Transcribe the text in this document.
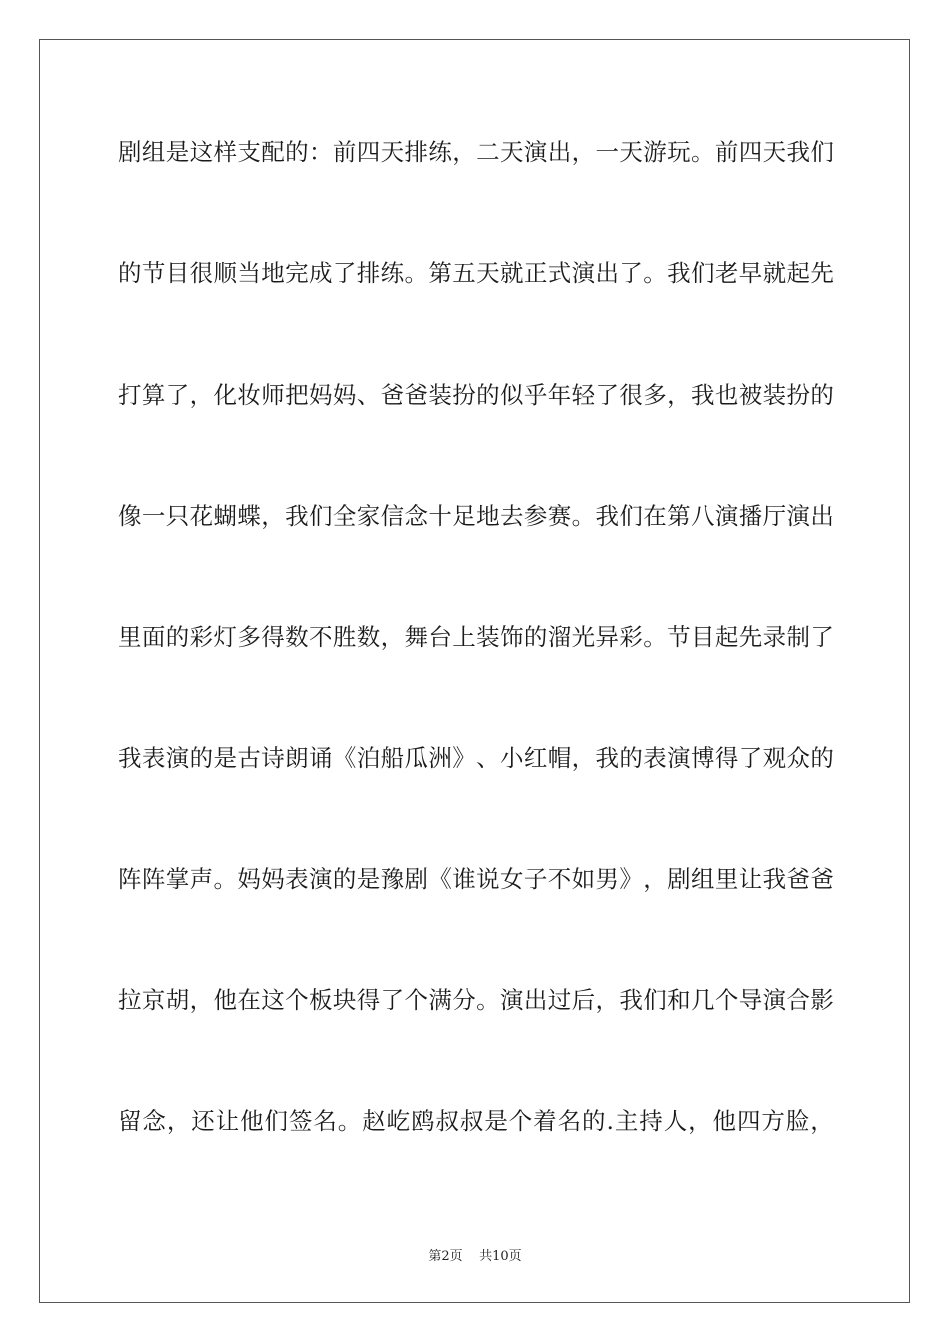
剧 组 是 这 样 支 配 的 ： 前 四 天 排 练 ， 二 天 演 出 ， 一 天 游 玩 。 前 四 天 我 们
的 节 目 很 顺 当 地 完 成 了 排 练 。 第 五 天 就 正 式 演 出 了 。 我 们 老 早 就 起 先
打 算 了 ， 化 妆 师 把 妈 妈 、 爸 爸 装 扮 的 似 乎 年 轻 了 很 多 ， 我 也 被 装 扮 的
像 一 只 花 蝴 蝶 ， 我 们 全 家 信 念 十 足 地 去 参 赛 。 我 们 在 第 八 演 播 厅 演 出
里 面 的 彩 灯 多 得 数 不 胜 数 ， 舞 台 上 装 饰 的 溜 光 异 彩 。 节 目 起 先 录 制 了
我 表 演 的 是 古 诗 朗 诵 《 泊 船 瓜 洲 》 、 小 红 帽 ， 我 的 表 演 博 得 了 观 众 的
阵 阵 掌 声 。 妈 妈 表 演 的 是 豫 剧 《 谁 说 女 子 不 如 男 》 ， 剧 组 里 让 我 爸 爸
拉 京 胡 ， 他 在 这 个 板 块 得 了 个 满 分 。 演 出 过 后 ， 我 们 和 几 个 导 演 合 影
留 念 ， 还 让 他 们 签 名 。 赵 屹 鸥 叔 叔 是 个 着 名 的 . 主 持 人 ， 他 四 方 脸 ，
第2页 共10页
